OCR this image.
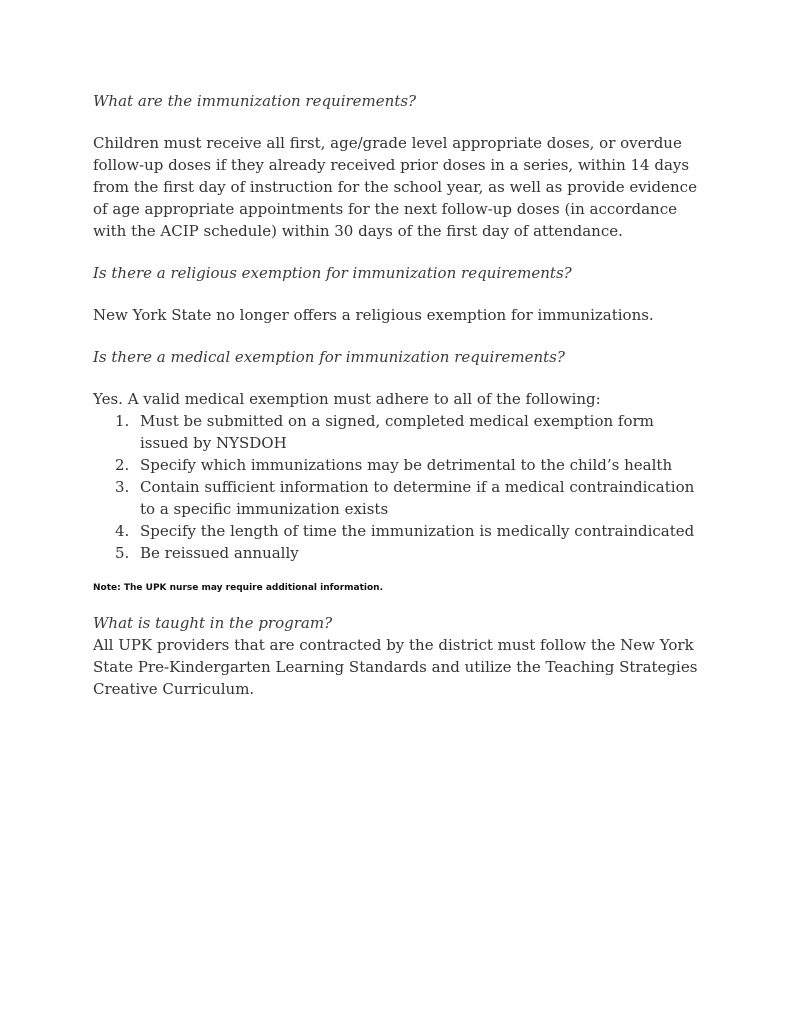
What are the immunization requirements?

Children must receive all first, age/grade level appropriate doses, or overdue follow-up doses if they already received prior doses in a series, within 14 days from the first day of instruction for the school year, as well as provide evidence of age appropriate appointments for the next follow-up doses (in accordance with the ACIP schedule) within 30 days of the first day of attendance.

Is there a religious exemption for immunization requirements?

New York State no longer offers a religious exemption for immunizations.

Is there a medical exemption for immunization requirements?

Yes. A valid medical exemption must adhere to all of the following:

1. Must be submitted on a signed, completed medical exemption form issued by NYSDOH
2. Specify which immunizations may be detrimental to the child’s health
3. Contain sufficient information to determine if a medical contraindication to a specific immunization exists
4. Specify the length of time the immunization is medically contraindicated
5. Be reissued annually

Note: The UPK nurse may require additional information.

What is taught in the program?

All UPK providers that are contracted by the district must follow the New York State Pre-Kindergarten Learning Standards and utilize the Teaching Strategies Creative Curriculum.
